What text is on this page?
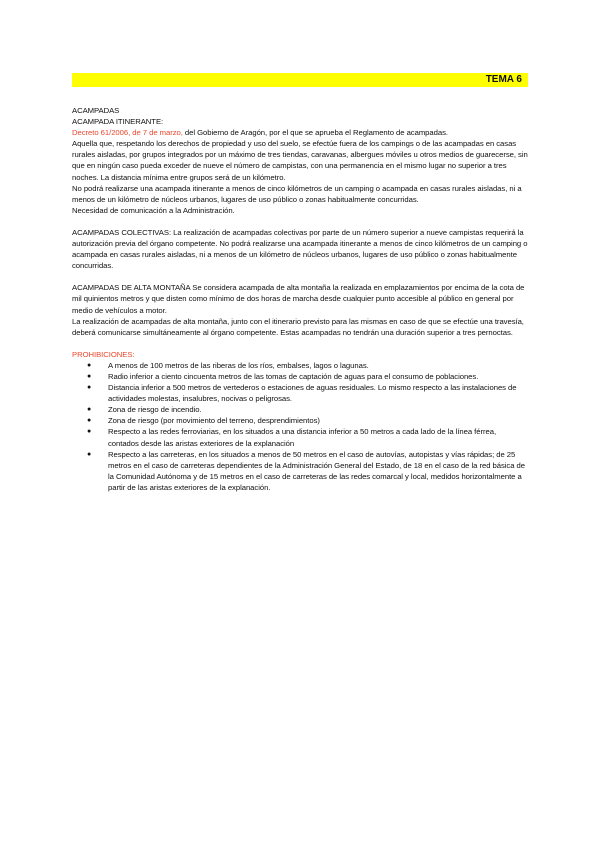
TEMA 6

ACAMPADAS

ACAMPADA ITINERANTE:

Decreto 61/2006, de 7 de marzo, del Gobierno de Aragón, por el que se aprueba el Reglamento de acampadas.

Aquella que, respetando los derechos de propiedad y uso del suelo, se efectúe fuera de los campings o de las acampadas en casas rurales aisladas, por grupos integrados por un máximo de tres tiendas, caravanas, albergues móviles u otros medios de guarecerse, sin que en ningún caso pueda exceder de nueve el número de campistas, con una permanencia en el mismo lugar no superior a tres noches. La distancia mínima entre grupos será de un kilómetro.

No podrá realizarse una acampada itinerante a menos de cinco kilómetros de un camping o acampada en casas rurales aisladas, ni a menos de un kilómetro de núcleos urbanos, lugares de uso público o zonas habitualmente concurridas.

Necesidad de comunicación a la Administración.

ACAMPADAS COLECTIVAS: La realización de acampadas colectivas por parte de un número superior a nueve campistas requerirá la autorización previa del órgano competente. No podrá realizarse una acampada itinerante a menos de cinco kilómetros de un camping o acampada en casas rurales aisladas, ni a menos de un kilómetro de núcleos urbanos, lugares de uso público o zonas habitualmente concurridas.

ACAMPADAS DE ALTA MONTAÑA Se considera acampada de alta montaña la realizada en emplazamientos por encima de la cota de mil quinientos metros y que disten como mínimo de dos horas de marcha desde cualquier punto accesible al público en general por medio de vehículos a motor.

La realización de acampadas de alta montaña, junto con el itinerario previsto para las mismas en caso de que se efectúe una travesía, deberá comunicarse simultáneamente al órgano competente. Estas acampadas no tendrán una duración superior a tres pernoctas.

PROHIBICIONES:

● A menos de 100 metros de las riberas de los ríos, embalses, lagos o lagunas.
● Radio inferior a ciento cincuenta metros de las tomas de captación de aguas para el consumo de poblaciones.
● Distancia inferior a 500 metros de vertederos o estaciones de aguas residuales. Lo mismo respecto a las instalaciones de actividades molestas, insalubres, nocivas o peligrosas.
● Zona de riesgo de incendio.
● Zona de riesgo (por movimiento del terreno, desprendimientos)
● Respecto a las redes ferroviarias, en los situados a una distancia inferior a 50 metros a cada lado de la línea férrea, contados desde las aristas exteriores de la explanación
● Respecto a las carreteras, en los situados a menos de 50 metros en el caso de autovías, autopistas y vías rápidas; de 25 metros en el caso de carreteras dependientes de la Administración General del Estado, de 18 en el caso de la red básica de la Comunidad Autónoma y de 15 metros en el caso de carreteras de las redes comarcal y local, medidos horizontalmente a partir de las aristas exteriores de la explanación.
